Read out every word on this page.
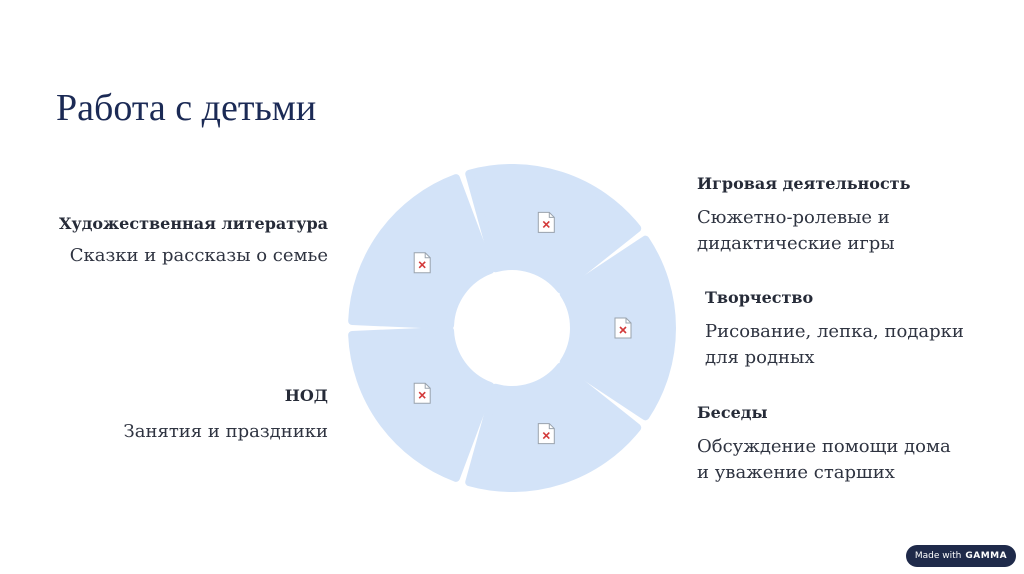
Работа с детьми
Художественная литература
Сказки и рассказы о семье
НОД
Занятия и праздники
Игровая деятельность
Сюжетно-ролевые и
дидактические игры
Творчество
Рисование, лепка, подарки
для родных
Беседы
Обсуждение помощи дома
и уважение старших
Made with GAMMA
